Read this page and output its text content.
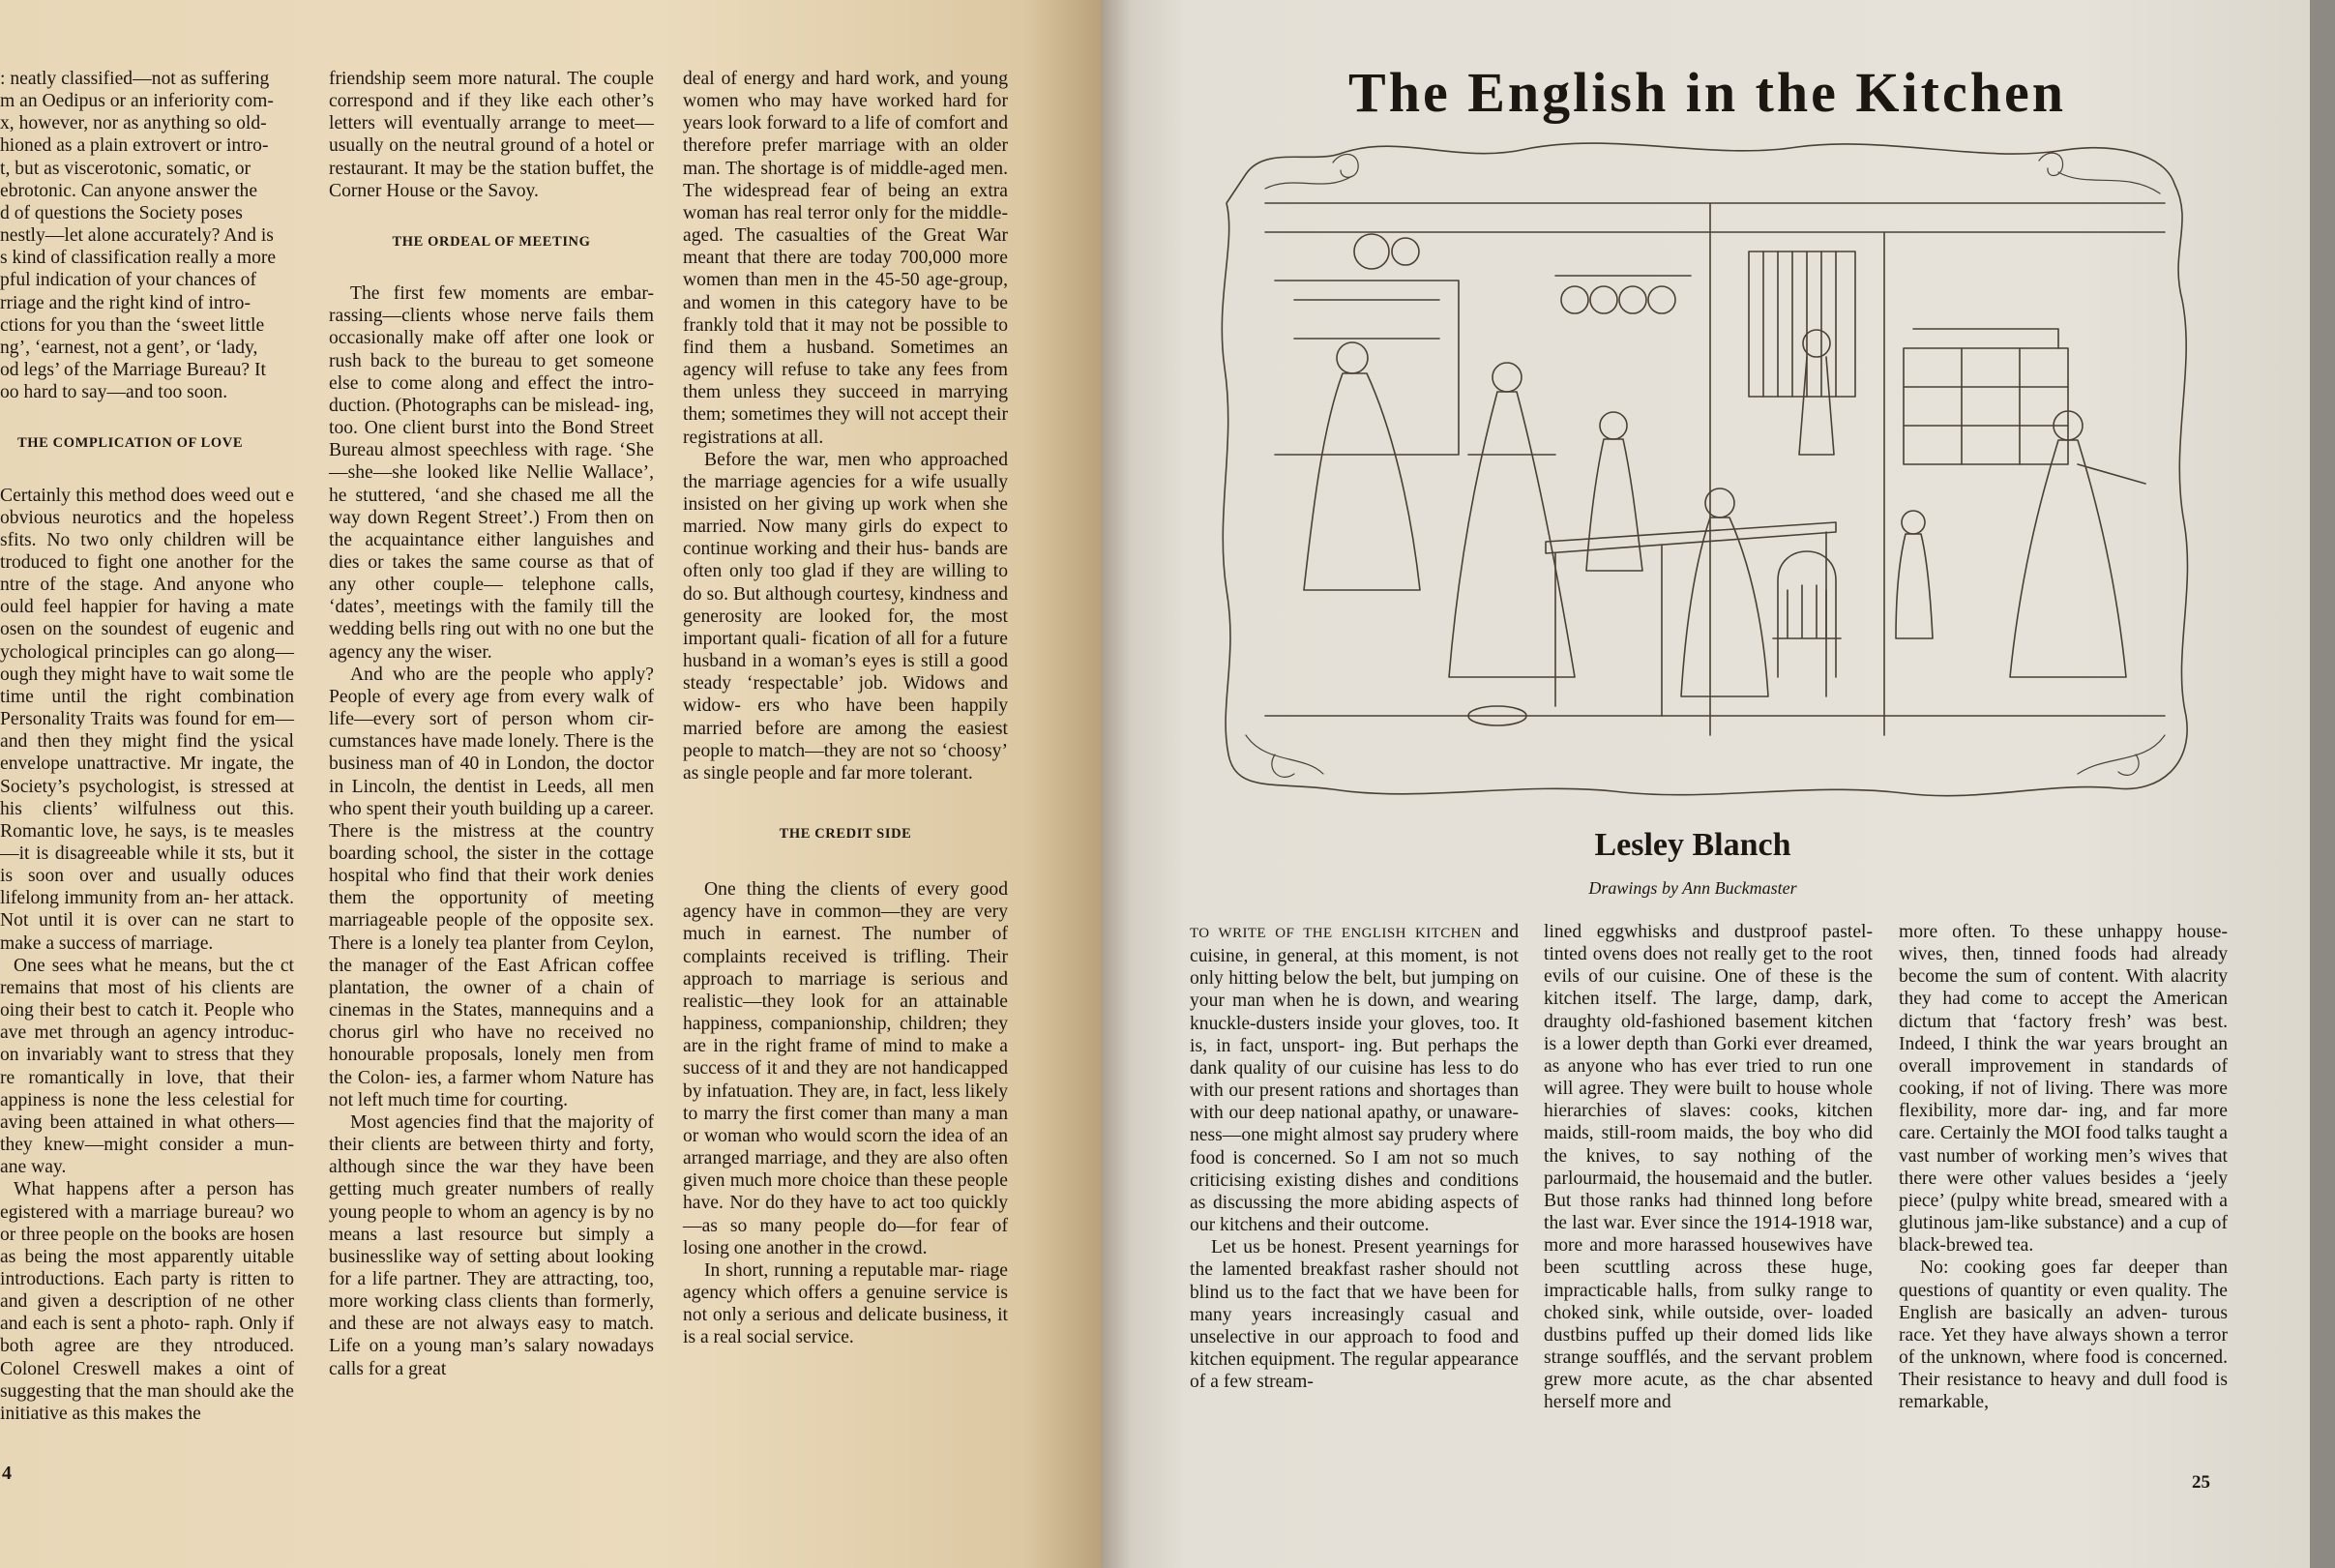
: neatly classified—not as suffering
m an Oedipus or an inferiority com-
x, however, nor as anything so old-
hioned as a plain extrovert or intro-
t, but as viscerotonic, somatic, or
ebrotonic. Can anyone answer the
d of questions the Society poses
nestly—let alone accurately? And is
s kind of classification really a more
pful indication of your chances of
rriage and the right kind of intro-
ctions for you than the ‘sweet little
ng’, ‘earnest, not a gent’, or ‘lady,
od legs’ of the Marriage Bureau? It
oo hard to say—and too soon.
THE COMPLICATION OF LOVE

Certainly this method does weed out e obvious neurotics and the hopeless sfits. No two only children will be troduced to fight one another for the ntre of the stage. And anyone who ould feel happier for having a mate osen on the soundest of eugenic and ychological principles can go along— ough they might have to wait some tle time until the right combination Personality Traits was found for em—and then they might find the ysical envelope unattractive. Mr ingate, the Society’s psychologist, is stressed at his clients’ wilfulness out this. Romantic love, he says, is te measles—it is disagreeable while it sts, but it is soon over and usually oduces lifelong immunity from an- her attack. Not until it is over can ne start to make a success of marriage.

One sees what he means, but the ct remains that most of his clients are oing their best to catch it. People who ave met through an agency introduc- on invariably want to stress that they re romantically in love, that their appiness is none the less celestial for aving been attained in what others— they knew—might consider a mun- ane way.

What happens after a person has egistered with a marriage bureau? wo or three people on the books are hosen as being the most apparently uitable introductions. Each party is ritten to and given a description of ne other and each is sent a photo- raph. Only if both agree are they ntroduced. Colonel Creswell makes a oint of suggesting that the man should ake the initiative as this makes the

friendship seem more natural. The couple correspond and if they like each other’s letters will eventually arrange to meet—usually on the neutral ground of a hotel or restaurant. It may be the station buffet, the Corner House or the Savoy.

THE ORDEAL OF MEETING

The first few moments are embar- rassing—clients whose nerve fails them occasionally make off after one look or rush back to the bureau to get someone else to come along and effect the intro- duction. (Photographs can be mislead- ing, too. One client burst into the Bond Street Bureau almost speechless with rage. ‘She—she—she looked like Nellie Wallace’, he stuttered, ‘and she chased me all the way down Regent Street’.) From then on the acquaintance either languishes and dies or takes the same course as that of any other couple— telephone calls, ‘dates’, meetings with the family till the wedding bells ring out with no one but the agency any the wiser.

And who are the people who apply? People of every age from every walk of life—every sort of person whom cir- cumstances have made lonely. There is the business man of 40 in London, the doctor in Lincoln, the dentist in Leeds, all men who spent their youth building up a career. There is the mistress at the country boarding school, the sister in the cottage hospital who find that their work denies them the opportunity of meeting marriageable people of the opposite sex. There is a lonely tea planter from Ceylon, the manager of the East African coffee plantation, the owner of a chain of cinemas in the States, mannequins and a chorus girl who have no received no honourable proposals, lonely men from the Colon- ies, a farmer whom Nature has not left much time for courting.

Most agencies find that the majority of their clients are between thirty and forty, although since the war they have been getting much greater numbers of really young people to whom an agency is by no means a last resource but simply a businesslike way of setting about looking for a life partner. They are attracting, too, more working class clients than formerly, and these are not always easy to match. Life on a young man’s salary nowadays calls for a great

deal of energy and hard work, and young women who may have worked hard for years look forward to a life of comfort and therefore prefer marriage with an older man. The shortage is of middle-aged men. The widespread fear of being an extra woman has real terror only for the middle-aged. The casualties of the Great War meant that there are today 700,000 more women than men in the 45-50 age-group, and women in this category have to be frankly told that it may not be possible to find them a husband. Sometimes an agency will refuse to take any fees from them unless they succeed in marrying them; sometimes they will not accept their registrations at all.

Before the war, men who approached the marriage agencies for a wife usually insisted on her giving up work when she married. Now many girls do expect to continue working and their hus- bands are often only too glad if they are willing to do so. But although courtesy, kindness and generosity are looked for, the most important quali- fication of all for a future husband in a woman’s eyes is still a good steady ‘respectable’ job. Widows and widow- ers who have been happily married before are among the easiest people to match—they are not so ‘choosy’ as single people and far more tolerant.

THE CREDIT SIDE

One thing the clients of every good agency have in common—they are very much in earnest. The number of complaints received is trifling. Their approach to marriage is serious and realistic—they look for an attainable happiness, companionship, children; they are in the right frame of mind to make a success of it and they are not handicapped by infatuation. They are, in fact, less likely to marry the first comer than many a man or woman who would scorn the idea of an arranged marriage, and they are also often given much more choice than these people have. Nor do they have to act too quickly—as so many people do—for fear of losing one another in the crowd.

In short, running a reputable mar- riage agency which offers a genuine service is not only a serious and delicate business, it is a real social service.

4
The English in the Kitchen
Lesley Blanch
Drawings by Ann Buckmaster

TO WRITE OF THE ENGLISH KITCHEN and cuisine, in general, at this moment, is not only hitting below the belt, but jumping on your man when he is down, and wearing knuckle-dusters inside your gloves, too. It is, in fact, unsport- ing. But perhaps the dank quality of our cuisine has less to do with our present rations and shortages than with our deep national apathy, or unaware- ness—one might almost say prudery where food is concerned. So I am not so much criticising existing dishes and conditions as discussing the more abiding aspects of our kitchens and their outcome.

Let us be honest. Present yearnings for the lamented breakfast rasher should not blind us to the fact that we have been for many years increasingly casual and unselective in our approach to food and kitchen equipment. The regular appearance of a few stream-

lined eggwhisks and dustproof pastel- tinted ovens does not really get to the root evils of our cuisine. One of these is the kitchen itself. The large, damp, dark, draughty old-fashioned basement kitchen is a lower depth than Gorki ever dreamed, as anyone who has ever tried to run one will agree. They were built to house whole hierarchies of slaves: cooks, kitchen maids, still-room maids, the boy who did the knives, to say nothing of the parlourmaid, the housemaid and the butler. But those ranks had thinned long before the last war. Ever since the 1914-1918 war, more and more harassed housewives have been scuttling across these huge, impracticable halls, from sulky range to choked sink, while outside, over- loaded dustbins puffed up their domed lids like strange soufflés, and the servant problem grew more acute, as the char absented herself more and

more often. To these unhappy house- wives, then, tinned foods had already become the sum of content. With alacrity they had come to accept the American dictum that ‘factory fresh’ was best. Indeed, I think the war years brought an overall improvement in standards of cooking, if not of living. There was more flexibility, more dar- ing, and far more care. Certainly the MOI food talks taught a vast number of working men’s wives that there were other values besides a ‘jeely piece’ (pulpy white bread, smeared with a glutinous jam-like substance) and a cup of black-brewed tea.

No: cooking goes far deeper than questions of quantity or even quality. The English are basically an adven- turous race. Yet they have always shown a terror of the unknown, where food is concerned. Their resistance to heavy and dull food is remarkable,

25
